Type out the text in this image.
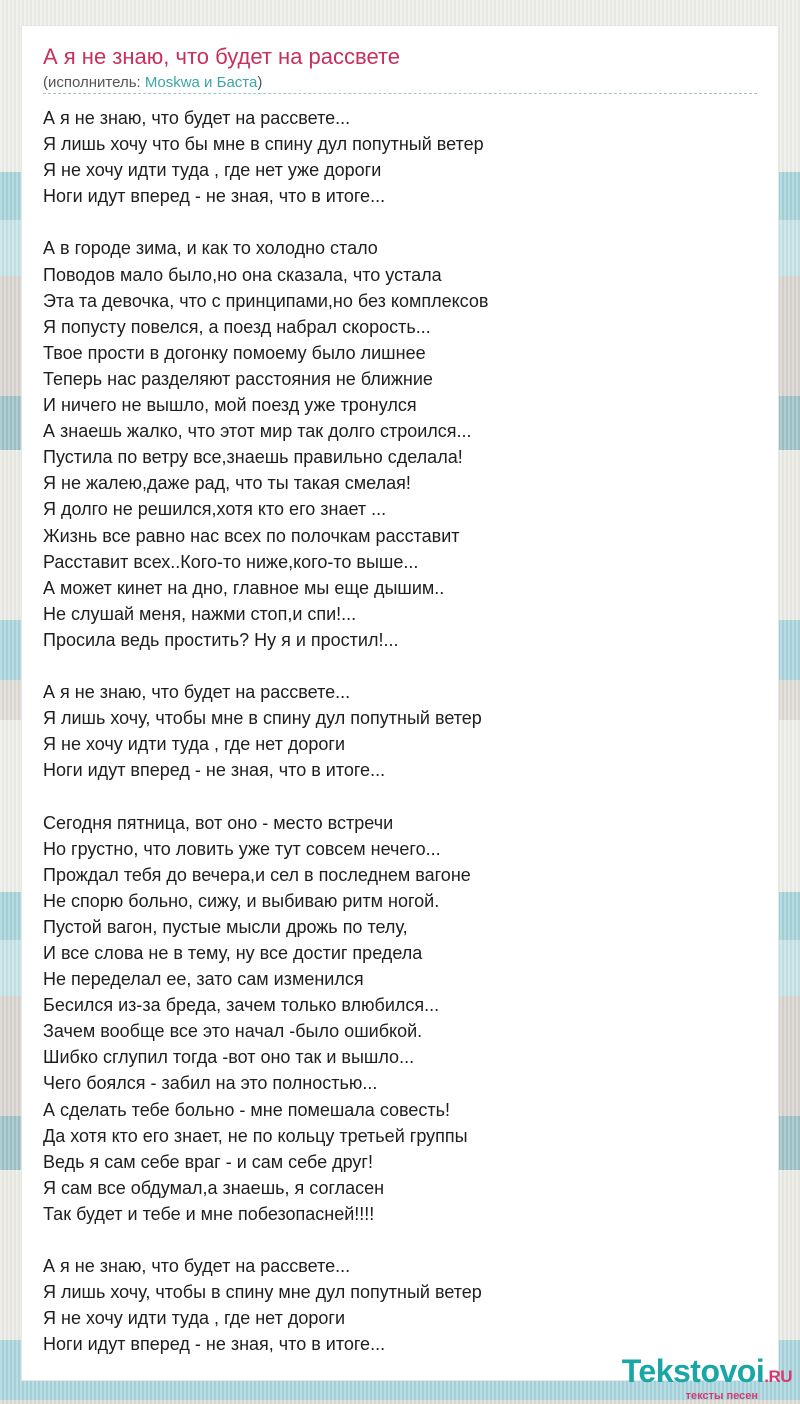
А я не знаю, что будет на рассвете
(исполнитель: Moskwa и Баста)
А я не знаю, что будет на рассвете...
Я лишь хочу что бы мне в спину дул попутный ветер
Я не хочу идти туда , где нет уже дороги
Ноги идут вперед - не зная, что в итоге...
А в городе зима, и как то холодно стало
Поводов мало было,но она сказала, что устала
Эта та девочка, что с принципами,но без комплексов
Я попусту повелся, а поезд набрал скорость...
Твое прости в догонку помоему было лишнее
Теперь нас разделяют расстояния не ближние
И ничего не вышло, мой поезд уже тронулся
А знаешь жалко, что этот мир так долго строился...
Пустила по ветру все,знаешь правильно сделала!
Я не жалею,даже рад, что ты такая смелая!
Я долго не решился,хотя кто его знает ...
Жизнь все равно нас всех по полочкам расставит
Расставит всех..Кого-то ниже,кого-то выше...
А может кинет на дно, главное мы еще дышим..
Не слушай меня, нажми стоп,и спи!...
Просила ведь простить? Ну я и простил!...
А я не знаю, что будет на рассвете...
Я лишь хочу, чтобы мне в спину дул попутный ветер
Я не хочу идти туда , где нет дороги
Ноги идут вперед - не зная, что в итоге...
Сегодня пятница, вот оно - место встречи
Но грустно, что ловить уже тут совсем нечего...
Прождал тебя до вечера,и сел в последнем вагоне
Не спорю больно, сижу, и выбиваю ритм ногой.
Пустой вагон, пустые мысли дрожь по телу,
И все слова не в тему, ну все достиг предела
Не переделал ее, зато сам изменился
Бесился из-за бреда, зачем только влюбился...
Зачем вообще все это начал -было ошибкой.
Шибко сглупил тогда -вот оно так и вышло...
Чего боялся - забил на это полностью...
А сделать тебе больно - мне помешала совесть!
Да хотя кто его знает, не по кольцу третьей группы
Ведь я сам себе враг - и сам себе друг!
Я сам все обдумал,а знаешь, я согласен
Так будет и тебе и мне побезопасней!!!!
А я не знаю, что будет на рассвете...
Я лишь хочу, чтобы в спину мне дул попутный ветер
Я не хочу идти туда , где нет дороги
Ноги идут вперед - не зная, что в итоге...
Tekstovoi.RU
тексты песен
